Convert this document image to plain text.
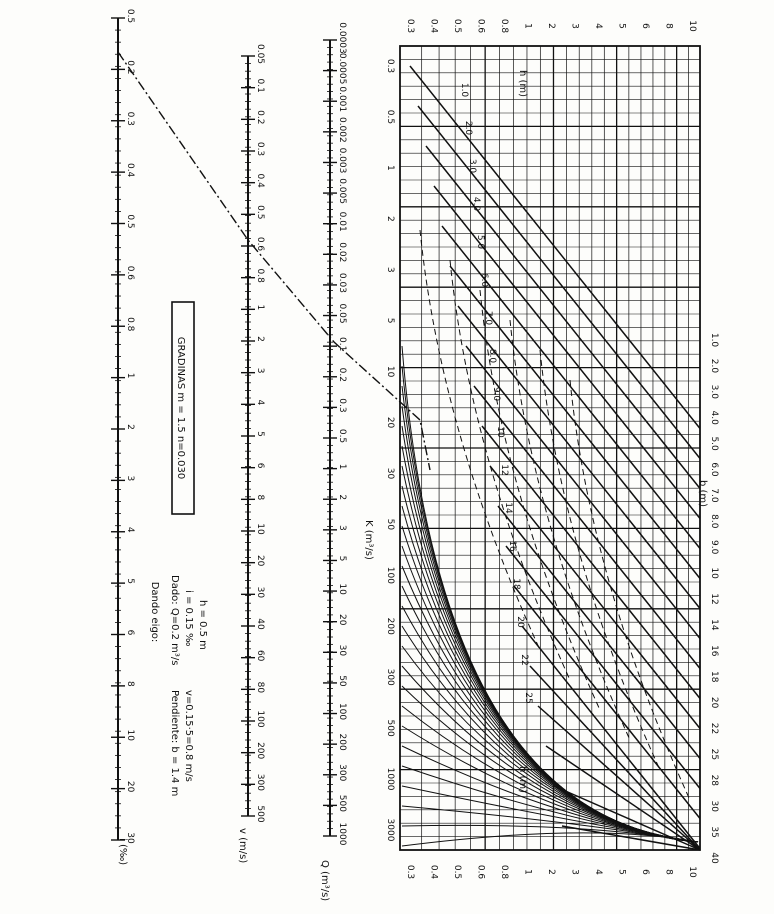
0.5
0.2
0.3
0.4
0.5
0.6
0.8
1
2
3
4
5
6
8
10
20
30
0.05
0.1
0.2
0.3
0.4
0.5
0.6
0.8
1
2
3
4
5
6
8
10
20
30
40
60
80
100
200
300
500
0.0003
0.0005
0.001
0.002
0.003
0.005
0.01
0.02
0.03
0.05
0.1
0.2
0.3
0.5
1
2
3
5
10
20
30
50
100
200
300
500
1000
GRADINAS m = 1.5 n=0.030
Dando eigo: Dado: Q=0.2 m³/s i = 0.15 ‰ h = 0.5 m
Pendiente: b = 1.4 m v=0.15·5=0.8 m/s
0.3
0.5
1
2
3
5
10
20
30
50
100
200
300
500
1000
3000
0.3 0.4 0.5 0.6 0.8 1 2 3 4 5 6 8 10
0.3 0.4 0.5 0.6 0.8 1 2 3 4 5 6 8 10
1.0
2.0
3.0
4.0
5.0
6.0
7.0
8.0
9.0
10
12
14
16
18
20
22
25
28
30
35
40
1.0
2.0
3.0
4.0
5.0
6.0
7.0
8.0
9.0
10
12
14
16
18
20
22
25
i (‰)	v (m/s)
Q (m³/s)
K (m³/s)
h (m)
h (m)
b (m)
